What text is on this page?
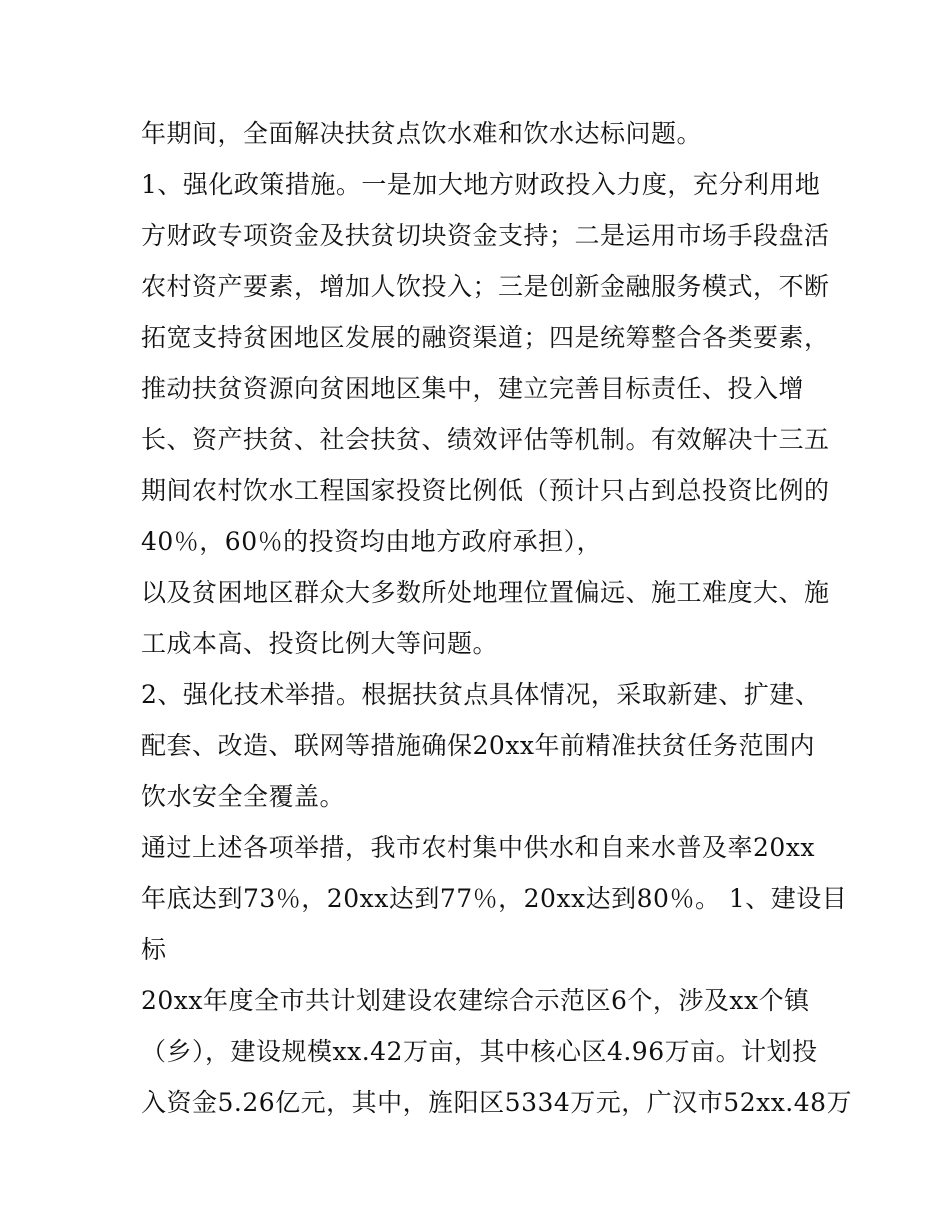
年期间，全面解决扶贫点饮水难和饮水达标问题。
1、强化政策措施。一是加大地方财政投入力度，充分利用地
方财政专项资金及扶贫切块资金支持；二是运用市场手段盘活
农村资产要素，增加人饮投入；三是创新金融服务模式，不断
拓宽支持贫困地区发展的融资渠道；四是统筹整合各类要素，
推动扶贫资源向贫困地区集中，建立完善目标责任、投入增
长、资产扶贫、社会扶贫、绩效评估等机制。有效解决十三五
期间农村饮水工程国家投资比例低（预计只占到总投资比例的
40％，60％的投资均由地方政府承担），
以及贫困地区群众大多数所处地理位置偏远、施工难度大、施
工成本高、投资比例大等问题。
2、强化技术举措。根据扶贫点具体情况，采取新建、扩建、
配套、改造、联网等措施确保20xx年前精准扶贫任务范围内
饮水安全全覆盖。
通过上述各项举措，我市农村集中供水和自来水普及率20xx
年底达到73％，20xx达到77％，20xx达到80％。 1、建设目
标
20xx年度全市共计划建设农建综合示范区6个，涉及xx个镇
（乡），建设规模xx.42万亩，其中核心区4.96万亩。计划投
入资金5.26亿元，其中，旌阳区5334万元，广汉市52xx.48万
